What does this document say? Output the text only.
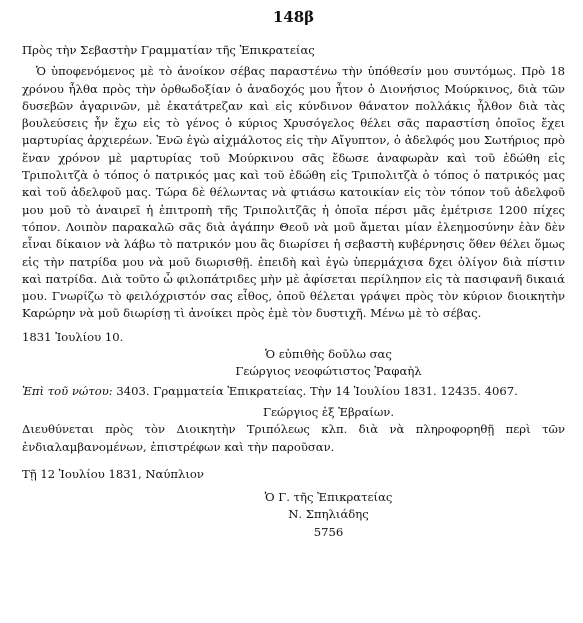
148β

Πρὸς τὴν Σεβαστὴν Γραμματίαν τῆς Ἐπικρατείας

Ὁ ὑποφενόμενος μὲ τὸ ἀνοίκον σέβας παραστένω τὴν ὑπόθεσίν μου συντόμως. Πρὸ 18 χρόνου ἦλθα πρὸς τὴν ὀρθωδοξίαν ὁ ἀναδοχός μου ἦτον ὁ Διονήσιος Μούρκινος, διὰ τῶν δυσεβῶν ἀγαρινῶν, μὲ ἑκατάτρεζαν καὶ εἰς κύνδινον θάνατον πολλάκις ἦλθον διὰ τὰς βουλεύσεις ἦν ἔχω εἰς τὸ γένος ὁ κύριος Χρυσόγελος θέλει σᾶς παραστίση ὁποῖος ἔχει μαρτυρίας ἀρχιερέων. Ἐνῶ ἐγὼ αἰχμάλοτος εἰς τὴν Αἴγυπτον, ὁ ἀδελφός μου Σωτήριος πρὸ ἕναν χρόνον μὲ μαρτυρίας τοῦ Μούρκινου σᾶς ἔδωσε ἀναφωρὰν καὶ τοῦ ἐδώθη εἰς Τριπολιτζὰ ὁ τόπος ὁ πατρικός μας καὶ τοῦ ἐδώθη εἰς Τριπολιτζὰ ὁ τόπος ὁ πατρικός μας καὶ τοῦ ἀδελφοῦ μας. Τώρα δὲ θέλωντας νὰ φτιάσω κατοικίαν εἰς τὸν τόπον τοῦ ἀδελφοῦ μου μοῦ τὸ ἀναιρεῖ ἡ ἐπιτροπὴ τῆς Τριπολιτζᾶς ἡ ὁποῖα πέρσι μᾶς ἐμέτρισε 1200 πίχες τόπον. Λοιπὸν παρακαλῶ σᾶς διὰ ἀγάπην Θεοῦ νὰ μοῦ ἄμεται μίαν ἐλεημοσύνην ἐὰν δὲν εἶναι δίκαιον νὰ λάβω τὸ πατρικόν μου ἂς διωρίσει ἡ σεβαστὴ κυβέρνησις ὅθεν θέλει ὅμως εἰς τὴν πατρίδα μου νὰ μοῦ διωρισθῇ. ἐπειδὴ καὶ ἐγὼ ὑπερμάχισα δχει ὀλίγον διὰ πίστιν καὶ πατρίδα. Διὰ τοῦτο ὦ φιλοπάτριδες μὴν μὲ ἀφίσεται περίληπον εἰς τὰ πασιφανῆ δικαιά μου. Γνωρίζω τὸ φειλόχριστόν σας εἶθος, ὁποῦ θέλεται γράψει πρὸς τὸν κύριον διοικητὴν Καρώρην νὰ μοῦ διωρίσῃ τὶ ἀνοίκει πρὸς ἐμὲ τὸν δυστιχῆ. Μένω μὲ τὸ σέβας.

1831 Ἰουλίου 10.

Ὁ εὐπιθὴς δοῦλω σας

Γεώργιος νεοφώτιστος Ῥαφαὴλ

Ἐπὶ τοῦ νώτου: 3403. Γραμματεία Ἐπικρατείας. Τὴν 14 Ἰουλίου 1831. 12435. 4067.

Γεώργιος ἐξ Ἑβραίων.

Διευθύνεται πρὸς τὸν Διοικητὴν Τριπόλεως κλπ. διὰ νὰ πληροφορηθῇ περὶ τῶν ἐνδιαλαμβανομένων, ἐπιστρέφων καὶ τὴν παροῦσαν.

Τῇ 12 Ἰουλίου 1831, Ναύπλιον

Ὁ Γ. τῆς Ἐπικρατείας

Ν. Σπηλιάδης

5756
